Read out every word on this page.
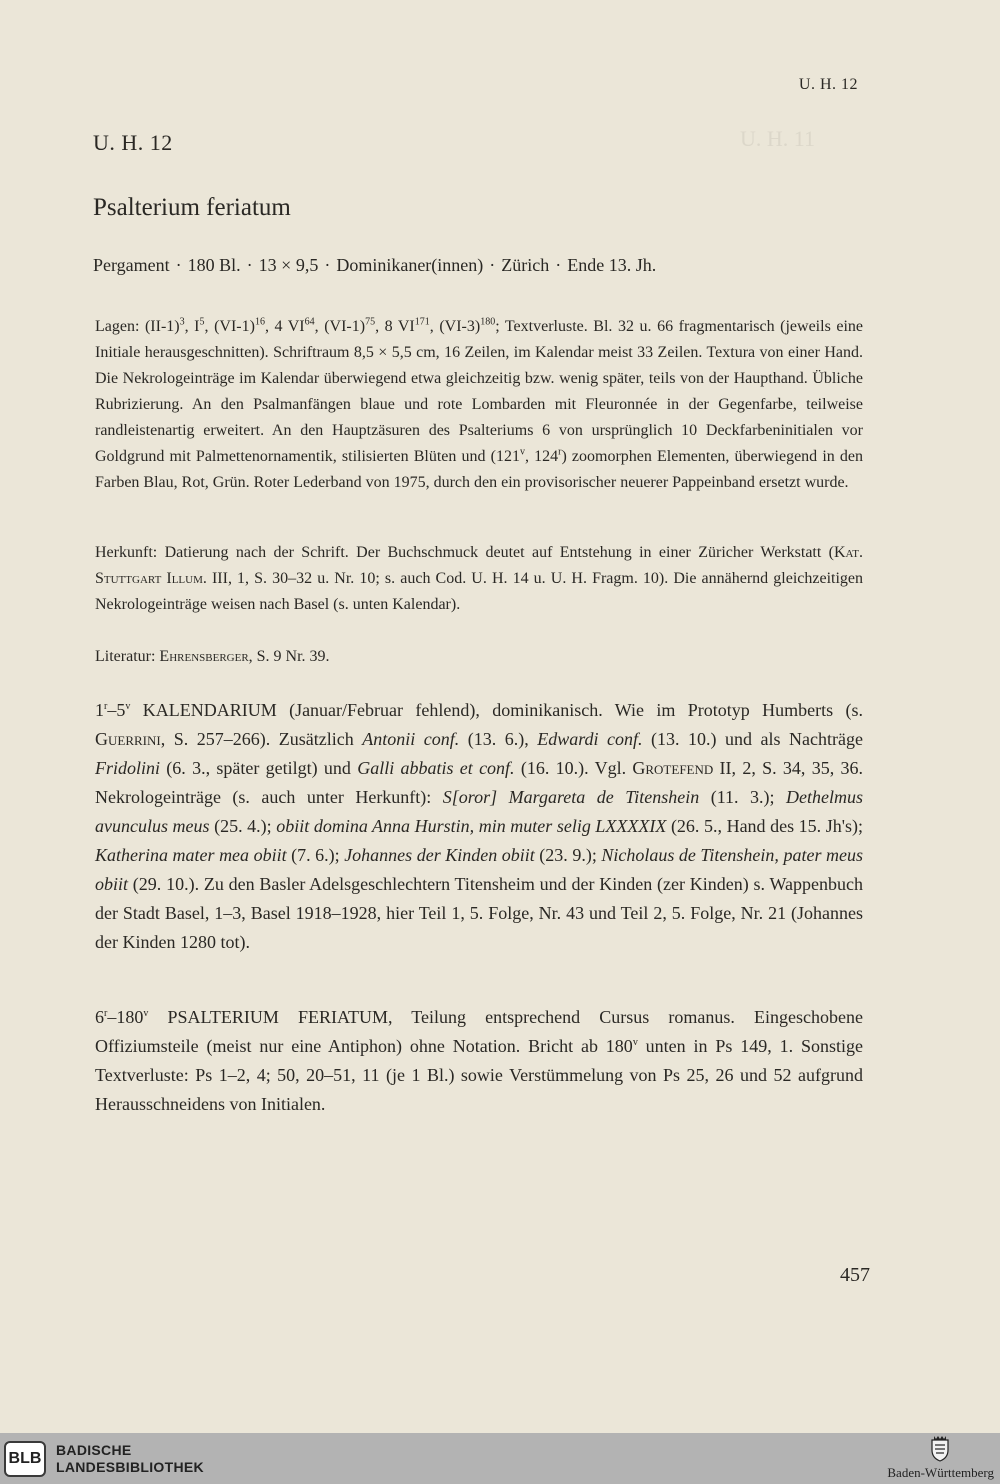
U. H. 11
U. H. 12
U. H. 12
Psalterium feriatum
Pergament · 180 Bl. · 13 × 9,5 · Dominikaner(innen) · Zürich · Ende 13. Jh.

Lagen: $(II-1)^3$, $I^5$, $(VI-1)^{16}$, 4 VI$^{64}$, $(VI-1)^{75}$, 8 VI$^{171}$, $(VI-3)^{180}$; Textverluste. Bl. 32 u. 66 fragmentarisch (jeweils eine Initiale herausgeschnitten). Schriftraum 8,5 × 5,5 cm, 16 Zeilen, im Kalendar meist 33 Zeilen. Textura von einer Hand. Die Nekrologeinträge im Kalendar überwiegend etwa gleichzeitig bzw. wenig später, teils von der Haupthand. Übliche Rubrizierung. An den Psalmanfängen blaue und rote Lombarden mit Fleuronnée in der Gegenfarbe, teilweise randleistenartig erweitert. An den Hauptzäsuren des Psalteriums 6 von ursprünglich 10 Deckfarbeninitialen vor Goldgrund mit Palmettenornamentik, stilisierten Blüten und (121$^v$, 124$^r$) zoomorphen Elementen, überwiegend in den Farben Blau, Rot, Grün. Roter Lederband von 1975, durch den ein provisorischer neuerer Pappeinband ersetzt wurde.

Herkunft: Datierung nach der Schrift. Der Buchschmuck deutet auf Entstehung in einer Züricher Werkstatt (Kat. Stuttgart Illum. III, 1, S. 30–32 u. Nr. 10; s. auch Cod. U. H. 14 u. U. H. Fragm. 10). Die annähernd gleichzeitigen Nekrologeinträge weisen nach Basel (s. unten Kalendar).

Literatur: Ehrensberger, S. 9 Nr. 39.

1$^r$–5$^v$ KALENDARIUM (Januar/Februar fehlend), dominikanisch. Wie im Prototyp Humberts (s. Guerrini, S. 257–266). Zusätzlich Antonii conf. (13. 6.), Edwardi conf. (13. 10.) und als Nachträge Fridolini (6. 3., später getilgt) und Galli abbatis et conf. (16. 10.). Vgl. Grotefend II, 2, S. 34, 35, 36. Nekrologeinträge (s. auch unter Herkunft): S[oror] Margareta de Titenshein (11. 3.); Dethelmus avunculus meus (25. 4.); obiit domina Anna Hurstin, min muter selig LXXXXIX (26. 5., Hand des 15. Jh's); Katherina mater mea obiit (7. 6.); Johannes der Kinden obiit (23. 9.); Nicholaus de Titenshein, pater meus obiit (29. 10.). Zu den Basler Adelsgeschlechtern Titensheim und der Kinden (zer Kinden) s. Wappenbuch der Stadt Basel, 1–3, Basel 1918–1928, hier Teil 1, 5. Folge, Nr. 43 und Teil 2, 5. Folge, Nr. 21 (Johannes der Kinden 1280 tot).

6$^r$–180$^v$ PSALTERIUM FERIATUM, Teilung entsprechend Cursus romanus. Eingeschobene Offiziumsteile (meist nur eine Antiphon) ohne Notation. Bricht ab 180$^v$ unten in Ps 149, 1. Sonstige Textverluste: Ps 1–2, 4; 50, 20–51, 11 (je 1 Bl.) sowie Verstümmelung von Ps 25, 26 und 52 aufgrund Herausschneidens von Initialen.

457
BLB	BADISCHE
LANDESBIBLIOTHEK	Baden-Württemberg
